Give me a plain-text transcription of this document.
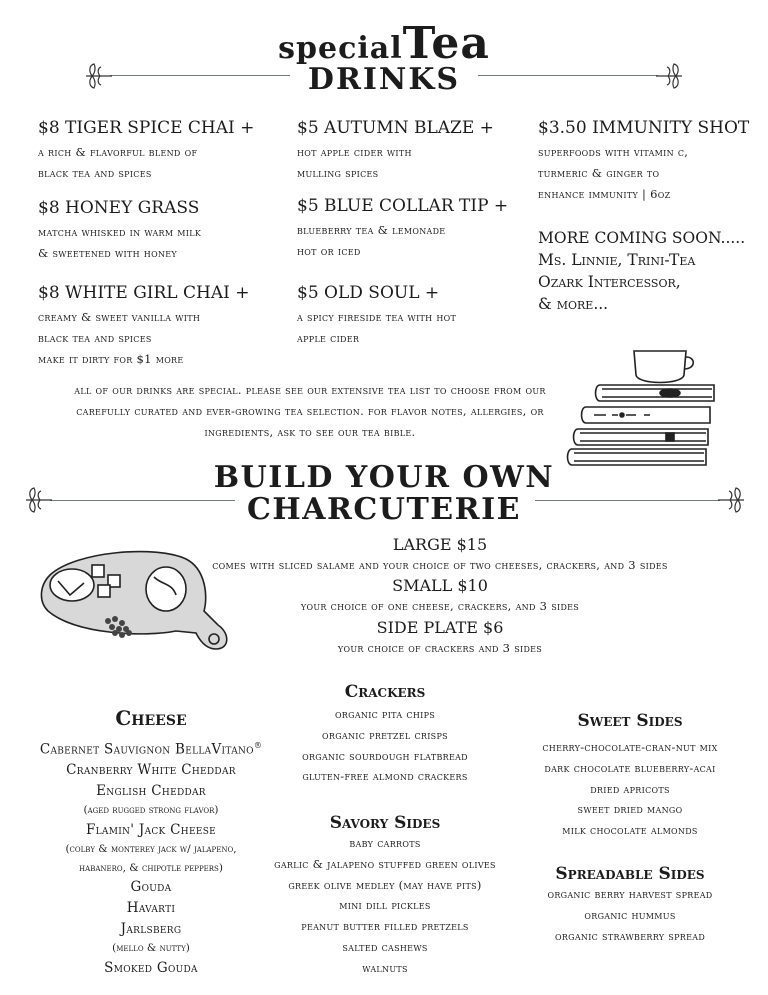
specialTea
DRINKS
$8 TIGER SPICE CHAI +
a rich & flavorful blend of
black tea and spices
$8 HONEY GRASS
matcha whisked in warm milk
& sweetened with honey
$8 WHITE GIRL CHAI +
creamy & sweet vanilla with
black tea and spices
make it dirty for $1 more
$5 AUTUMN BLAZE +
hot apple cider with
mulling spices
$5 BLUE COLLAR TIP +
blueberry tea & lemonade
hot or iced
$5 OLD SOUL +
a spicy fireside tea with hot
apple cider
$3.50 IMMUNITY SHOT
superfoods with vitamin c,
turmeric & ginger to
enhance immunity | 6oz
MORE COMING SOON.....
Ms. Linnie, Trini-Tea
Ozark Intercessor,
& more...
all of our drinks are special. please see our extensive tea list to choose from our carefully curated and ever-growing tea selection. for flavor notes, allergies, or ingredients, ask to see our tea bible.
BUILD YOUR OWN
CHARCUTERIE
LARGE $15
comes with sliced salame and your choice of two cheeses, crackers, and 3 sides
SMALL $10
your choice of one cheese, crackers, and 3 sides
SIDE PLATE $6
your choice of crackers and 3 sides
Cheese
Cabernet Sauvignon BellaVitano®
Cranberry White Cheddar
English Cheddar
(aged rugged strong flavor)
Flamin' Jack Cheese
(colby & monterey jack w/ jalapeno,
habanero, & chipotle peppers)
Gouda
Havarti
Jarlsberg
(mello & nutty)
Smoked Gouda
Crackers
organic pita chips
organic pretzel crisps
organic sourdough flatbread
gluten-free almond crackers
Savory Sides
baby carrots
garlic & jalapeno stuffed green olives
greek olive medley (may have pits)
mini dill pickles
peanut butter filled pretzels
salted cashews
walnuts
Sweet Sides
cherry-chocolate-cran-nut mix
dark chocolate blueberry-acai
dried apricots
sweet dried mango
milk chocolate almonds
Spreadable Sides
organic berry harvest spread
organic hummus
organic strawberry spread
